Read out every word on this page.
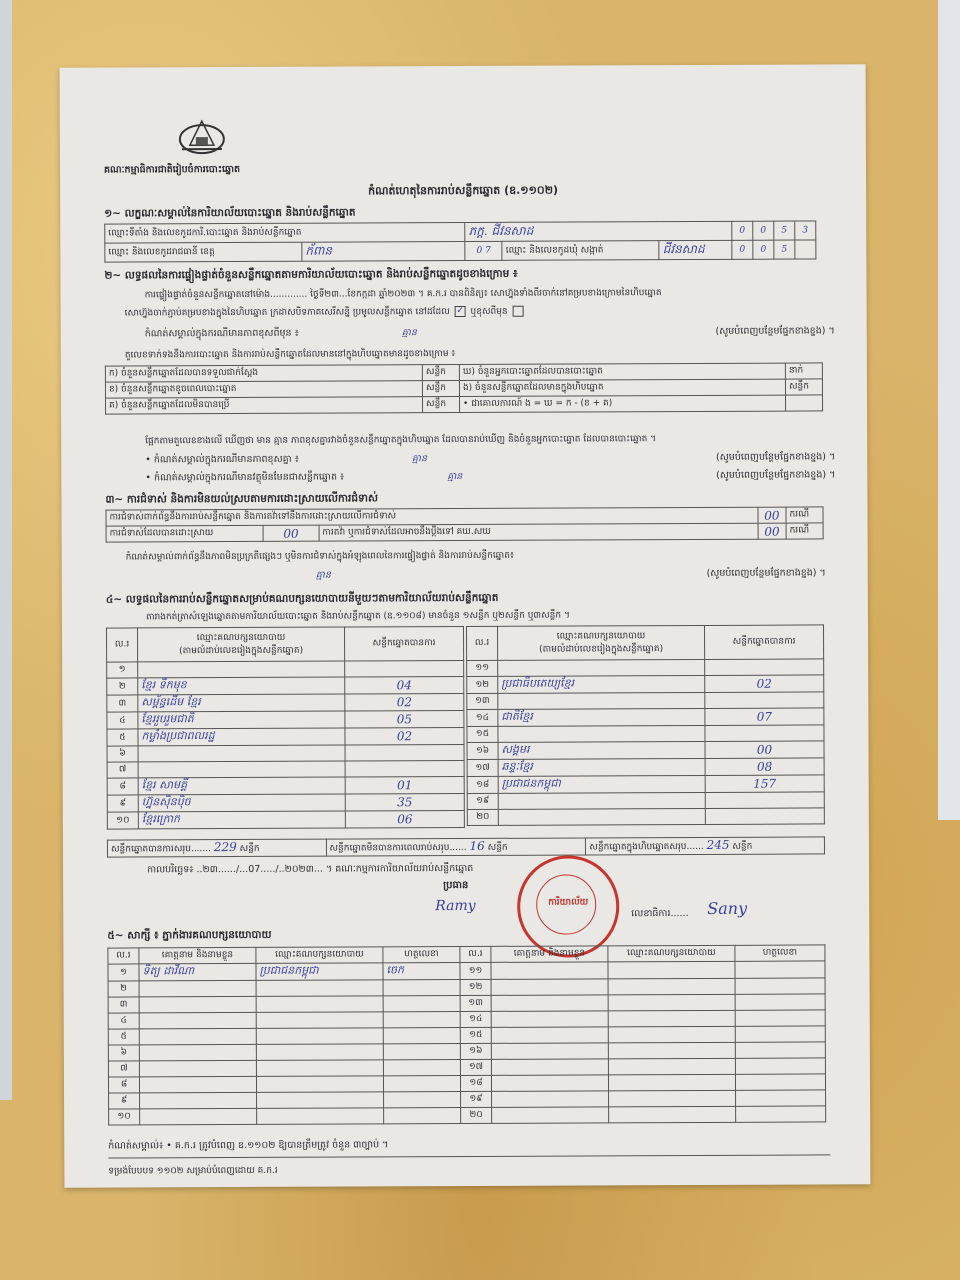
គណៈកម្មាធិការជាតិរៀបចំការបោះឆ្នោត
កំណត់ហេតុនៃការរាប់សន្លឹកឆ្នោត (ឧ.១១០២)
១~ លក្ខណៈសម្គាល់នៃការិយាល័យបោះឆ្នោត និងរាប់សន្លឹកឆ្នោត
ឈ្មោះទីតាំង និងលេខកូដការិ.បោះឆ្នោត និងរាប់សន្លឹកឆ្នោត		ភក្ត. ជីវនសាដ			0	0	5	3
ឈ្មោះ និងលេខកូដរាជធានី ខេត្ត	ក័ពាន	0 7	ឈ្មោះ និងលេខកូដឃុំ សង្កាត់	ជីវនសាដ	0	0	5	
២~ លទ្ធផលនៃការផ្ទៀងផ្ទាត់ចំនួនសន្លឹកឆ្នោតតាមការិយាល័យបោះឆ្នោត និងរាប់សន្លឹកឆ្នោតដូចខាងក្រោម ៖
ការផ្ទៀងផ្ទាត់ចំនួនសន្លឹកឆ្នោតនៅម៉ោង............. ថ្ងៃទី២៣...ខែកក្កដា ឆ្នាំ២០២៣ ។ គ.ក.រ បានពិនិត្យ៖ សោហ្វ៊ុងទាំងពីរចាក់នៅគម្របខាងក្រោមនៃហិបឆ្នោត
សោហ្វ៊ុងចាក់ភ្ជាប់គម្របខាងក្នុងនៃហិបឆ្នោត ក្រដាសបិទភាគសេរីសន្និ ប្រមូលសន្លឹកឆ្នោត នៅដដែល ✓ ឬខុសពីមុន
កំណត់សម្គាល់ក្នុងករណីមានភាពខុសពីមុន ៖	គ្មាន	(សូមបំពេញបន្ថែមផ្នែកខាងខ្នង) ។
តួលេខទាក់ទងនឹងការបោះឆ្នោត និងការរាប់សន្លឹកឆ្នោតដែលមាននៅក្នុងហិបឆ្នោតមានដូចខាងក្រោម ៖
ក) ចំនួនសន្លឹកឆ្នោតដែលបានទទួលជាក់ស្តែង	សន្លឹក	ឃ) ចំនួនអ្នកបោះឆ្នោតដែលបានបោះឆ្នោត	នាក់
ខ) ចំនួនសន្លឹកឆ្នោតខូចពេលបោះឆ្នោត	សន្លឹក	ង) ចំនួនសន្លឹកឆ្នោតដែលមានក្នុងហិបឆ្នោត	សន្លឹក
គ) ចំនួនសន្លឹកឆ្នោតដែលមិនបានប្រើ	សន្លឹក	• ជាគោលការណ៍ ង = ឃ = ក - (ខ + គ)	
ផ្អែកតាមតួលេខខាងលើ ឃើញថា មាន គ្មាន ភាពខុសគ្នារវាងចំនួនសន្លឹកឆ្នោតក្នុងហិបឆ្នោត ដែលបានរាប់ឃើញ និងចំនួនអ្នកបោះឆ្នោត ដែលបានបោះឆ្នោត ។
• កំណត់សម្គាល់ក្នុងករណីមានភាពខុសគ្នា ៖	គ្មាន	(សូមបំពេញបន្ថែមផ្នែកខាងខ្នង) ។
• កំណត់សម្គាល់ក្នុងករណីមានវត្ថុមិនមែនជាសន្លឹកឆ្នោត ៖	គ្មាន	(សូមបំពេញបន្ថែមផ្នែកខាងខ្នង) ។
៣~ ការជំទាស់ និងការមិនយល់ស្របតាមការដោះស្រាយលើការជំទាស់
ការជំទាស់ពាក់ព័ន្ធនឹងការរាប់សន្លឹកឆ្នោត និងការតវ៉ាទៅនឹងការដោះស្រាយលើការជំទាស់			00	ករណី
ការជំទាស់ដែលបានដោះស្រាយ	00	ការតវ៉ា ឬការជំទាស់ដែលអាចនឹងប្តឹងទៅ គឃ.សឃ	00	ករណី
កំណត់សម្គាល់ពាក់ព័ន្ធនឹងភាពមិនប្រក្រតីផ្សេងៗ ឬមិនការជំទាស់ក្នុងអំឡុងពេលនៃការផ្ទៀងផ្ទាត់ និងការរាប់សន្លឹកឆ្នោត៖
គ្មាន	(សូមបំពេញបន្ថែមផ្នែកខាងខ្នង) ។
៤~ លទ្ធផលនៃការរាប់សន្លឹកឆ្នោតសម្រាប់គណបក្សនយោបាយនីមួយៗតាមការិយាល័យរាប់សន្លឹកឆ្នោត
តារាងកត់ត្រាសំឡេងឆ្នោតតាមការិយាល័យបោះឆ្នោត និងរាប់សន្លឹកឆ្នោត (ឧ.១១០៨) មានចំនួន ១សន្លឹក ឬ២សន្លឹក ឬ៣សន្លឹក ។
ល.រ	ឈ្មោះគណបក្សនយោបាយ
(តាមលំដាប់លេខរៀងក្នុងសន្លឹកឆ្នោត)	សន្លឹកឆ្នោតបានការ
១		
២	ខ្មែរ ទឹកមុខ	04
៣	សម្ព័ន្ធដើម ខ្មែរ	02
៤	ខ្មែររួបរួមជាតិ	05
៥	កម្លាំងប្រជាពលរដ្ឋ	02
៦		
៧		
៨	ខ្មែរ សាមគ្គី	01
៩	ហ្វ៊ុនស៊ិនប៉ិច	35
១០	ខ្មែរក្រោក	06
ល.រ	ឈ្មោះគណបក្សនយោបាយ
(តាមលំដាប់លេខរៀងក្នុងសន្លឹកឆ្នោត)	សន្លឹកឆ្នោតបានការ
១១		
១២	ប្រជាធិបតេយ្យខ្មែរ	02
១៣		
១៤	ជាតិខ្មែរ	07
១៥		
១៦	សង្គមរ	00
១៧	ឆន្ទៈខ្មែរ	08
១៨	ប្រជាជនកម្ពុជា	157
១៩		
២០		
សន្លឹកឆ្នោតបានការសរុប....... 229 សន្លឹក	សន្លឹកឆ្នោតមិនបានការពេលរាប់សរុប...... 16 សន្លឹក	សន្លឹកឆ្នោតក្នុងហិបឆ្នោតសរុប...... 245 សន្លឹក
កាលបរិច្ឆេទ៖ ..២៣....../...07...../..២០២៣... ។ គណៈកម្មការការិយាល័យរាប់សន្លឹកឆ្នោត
ប្រធាន
Ramy	លេខាធិការ...... Sany
ការិយាល័យ
៥~ សាក្សី ៖ ភ្នាក់ងារគណបក្សនយោបាយ
ល.រ	គោត្តនាម និងនាមខ្លួន	ឈ្មោះគណបក្សនយោបាយ	ហត្ថលេខា	ល.រ	គោត្តនាម និងនាមខ្លួន	ឈ្មោះគណបក្សនយោបាយ	ហត្ថលេខា
១	ទិត្យ ដាវីណា	ប្រជាជនកម្ពុជា	ចេក	១១			
២				១២			
៣				១៣			
៤				១៤			
៥				១៥			
៦				១៦			
៧				១៧			
៨				១៨			
៩				១៩			
១០				២០			
កំណត់សម្គាល់៖ • គ.ក.រ ត្រូវបំពេញ ឧ.១១០២ ឱ្យបានត្រឹមត្រូវ ចំនួន ៣ច្បាប់ ។
ទម្រង់បែបបទ ១១០២ សម្រាប់បំពេញដោយ គ.ក.រ
